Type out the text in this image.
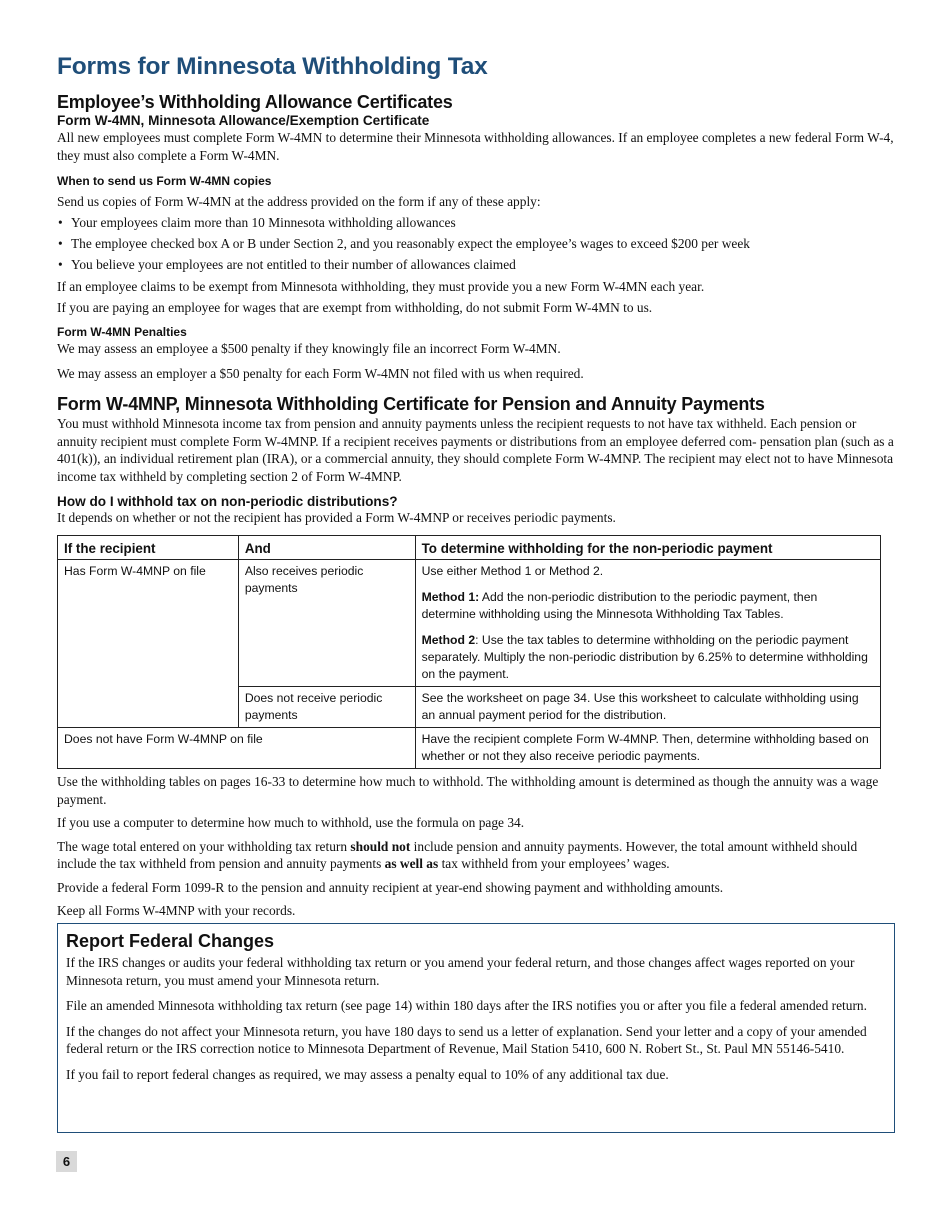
Forms for Minnesota Withholding Tax
Employee’s Withholding Allowance Certificates
Form W-4MN, Minnesota Allowance/Exemption Certificate

All new employees must complete Form W-4MN to determine their Minnesota withholding allowances. If an employee completes a new federal Form W-4, they must also complete a Form W-4MN.

When to send us Form W-4MN copies

Send us copies of Form W-4MN at the address provided on the form if any of these apply:

• Your employees claim more than 10 Minnesota withholding allowances
• The employee checked box A or B under Section 2, and you reasonably expect the employee’s wages to exceed $200 per week
• You believe your employees are not entitled to their number of allowances claimed

If an employee claims to be exempt from Minnesota withholding, they must provide you a new Form W-4MN each year.

If you are paying an employee for wages that are exempt from withholding, do not submit Form W-4MN to us.

Form W-4MN Penalties

We may assess an employee a $500 penalty if they knowingly file an incorrect Form W-4MN.

We may assess an employer a $50 penalty for each Form W-4MN not filed with us when required.

Form W-4MNP, Minnesota Withholding Certificate for Pension and Annuity Payments

You must withhold Minnesota income tax from pension and annuity payments unless the recipient requests to not have tax withheld. Each pension or annuity recipient must complete Form W-4MNP. If a recipient receives payments or distributions from an employee deferred com- pensation plan (such as a 401(k)), an individual retirement plan (IRA), or a commercial annuity, they should complete Form W-4MNP. The recipient may elect not to have Minnesota income tax withheld by completing section 2 of Form W-4MNP.

How do I withhold tax on non-periodic distributions?

It depends on whether or not the recipient has provided a Form W-4MNP or receives periodic payments.

If the recipient	And	To determine withholding for the non-periodic payment
Has Form W-4MNP on file	Also receives periodic payments	Use either Method 1 or Method 2.

Method 1: Add the non-periodic distribution to the periodic payment, then determine withholding using the Minnesota Withholding Tax Tables.

Method 2: Use the tax tables to determine withholding on the periodic payment separately. Multiply the non-periodic distribution by 6.25% to determine withholding on the payment.

	Does not receive periodic payments	See the worksheet on page 34. Use this worksheet to calculate withholding using an annual payment period for the distribution.
Does not have Form W-4MNP on file		Have the recipient complete Form W-4MNP. Then, determine withholding based on whether or not they also receive periodic payments.

Use the withholding tables on pages 16-33 to determine how much to withhold. The withholding amount is determined as though the annuity was a wage payment.

If you use a computer to determine how much to withhold, use the formula on page 34.

The wage total entered on your withholding tax return should not include pension and annuity payments. However, the total amount withheld should include the tax withheld from pension and annuity payments as well as tax withheld from your employees’ wages.

Provide a federal Form 1099-R to the pension and annuity recipient at year-end showing payment and withholding amounts.

Keep all Forms W-4MNP with your records.

Report Federal Changes

If the IRS changes or audits your federal withholding tax return or you amend your federal return, and those changes affect wages reported on your Minnesota return, you must amend your Minnesota return.

File an amended Minnesota withholding tax return (see page 14) within 180 days after the IRS notifies you or after you file a federal amended return.

If the changes do not affect your Minnesota return, you have 180 days to send us a letter of explanation. Send your letter and a copy of your amended federal return or the IRS correction notice to Minnesota Department of Revenue, Mail Station 5410, 600 N. Robert St., St. Paul MN 55146-5410.

If you fail to report federal changes as required, we may assess a penalty equal to 10% of any additional tax due.

6
